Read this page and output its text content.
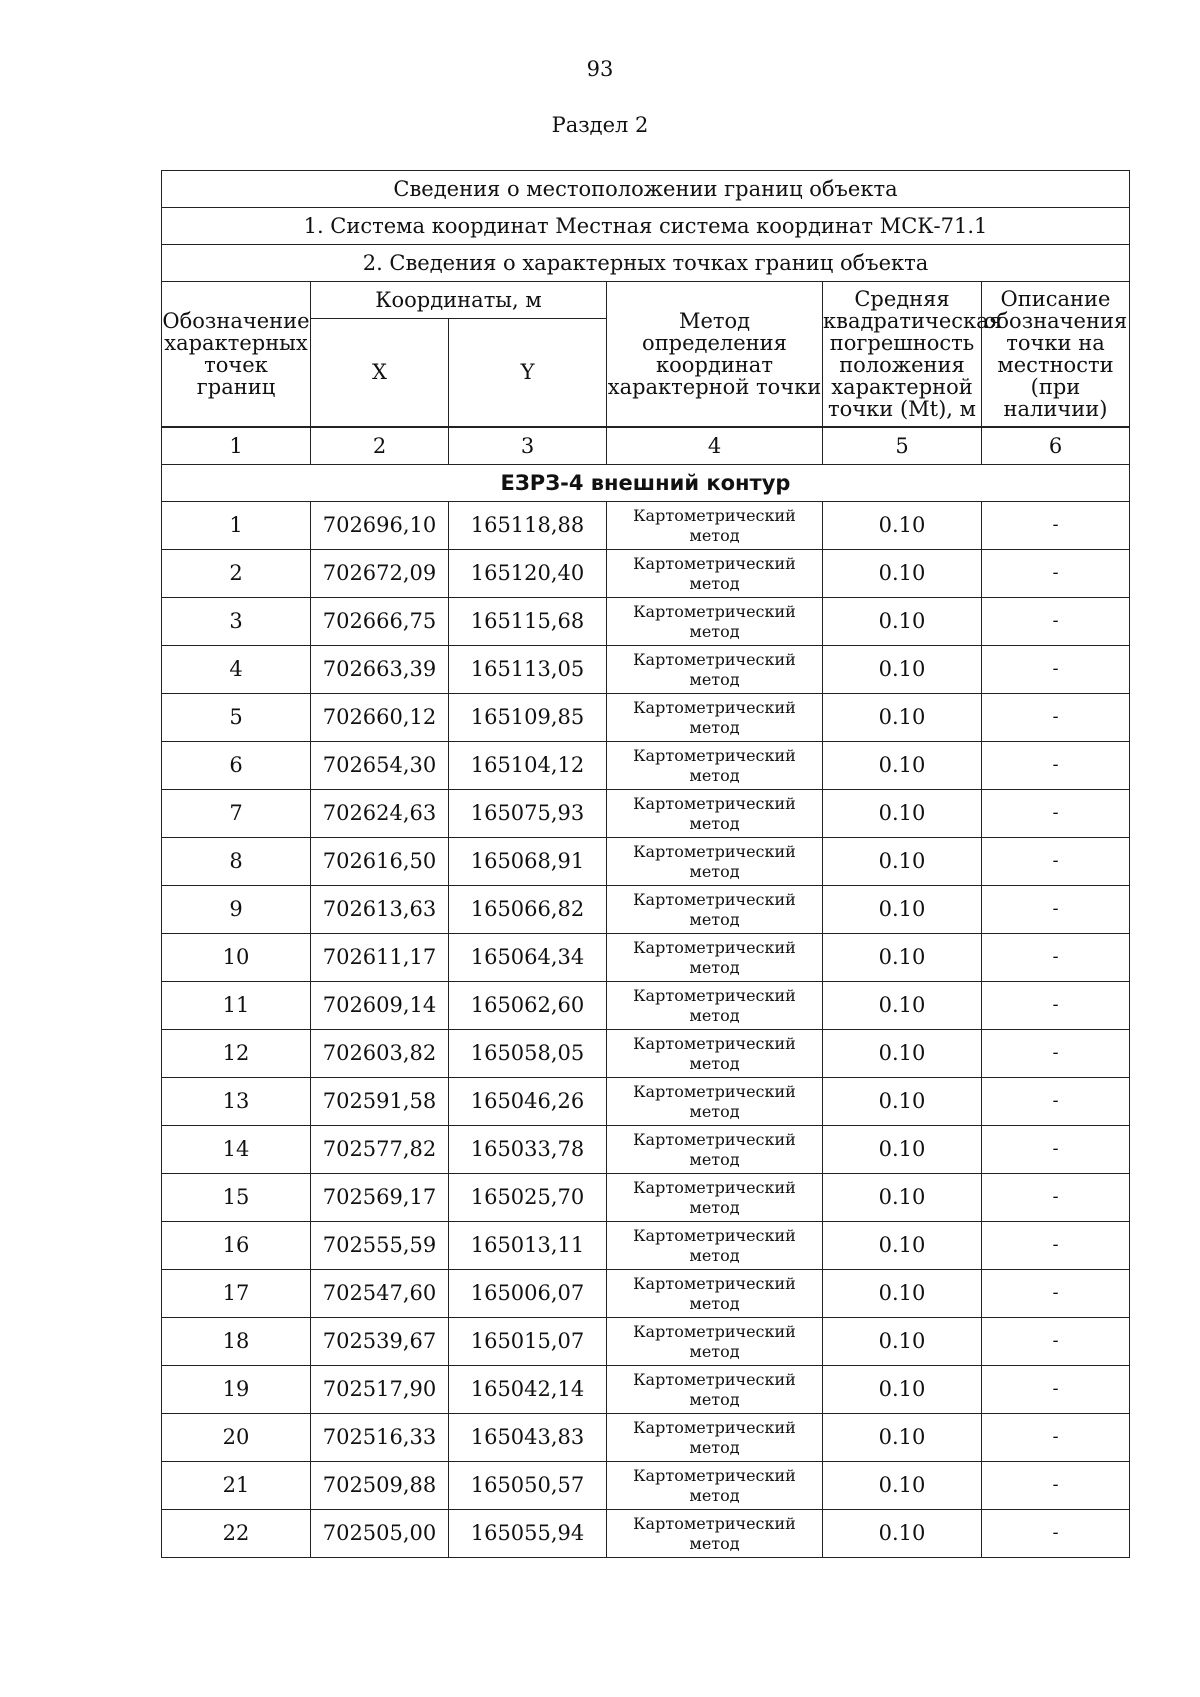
93
Раздел 2
Сведения о местоположении границ объекта					
1. Система координат Местная система координат МСК-71.1					
2. Сведения о характерных точках границ объекта					
Обозначение характерных точек границ	Координаты, м		Метод определения координат характерной точки	Средняя квадратическая погрешность положения характерной точки (Mt), м	Описание обозначения точки на местности (при наличии)
	X	Y			

1	2	3	4	5	6
ЕЗРЗ-4 внешний контур					
1	702696,10	165118,88	Картометрический метод	0.10	-
2	702672,09	165120,40	Картометрический метод	0.10	-
3	702666,75	165115,68	Картометрический метод	0.10	-
4	702663,39	165113,05	Картометрический метод	0.10	-
5	702660,12	165109,85	Картометрический метод	0.10	-
6	702654,30	165104,12	Картометрический метод	0.10	-
7	702624,63	165075,93	Картометрический метод	0.10	-
8	702616,50	165068,91	Картометрический метод	0.10	-
9	702613,63	165066,82	Картометрический метод	0.10	-
10	702611,17	165064,34	Картометрический метод	0.10	-
11	702609,14	165062,60	Картометрический метод	0.10	-
12	702603,82	165058,05	Картометрический метод	0.10	-
13	702591,58	165046,26	Картометрический метод	0.10	-
14	702577,82	165033,78	Картометрический метод	0.10	-
15	702569,17	165025,70	Картометрический метод	0.10	-
16	702555,59	165013,11	Картометрический метод	0.10	-
17	702547,60	165006,07	Картометрический метод	0.10	-
18	702539,67	165015,07	Картометрический метод	0.10	-
19	702517,90	165042,14	Картометрический метод	0.10	-
20	702516,33	165043,83	Картометрический метод	0.10	-
21	702509,88	165050,57	Картометрический метод	0.10	-
22	702505,00	165055,94	Картометрический метод	0.10	-
